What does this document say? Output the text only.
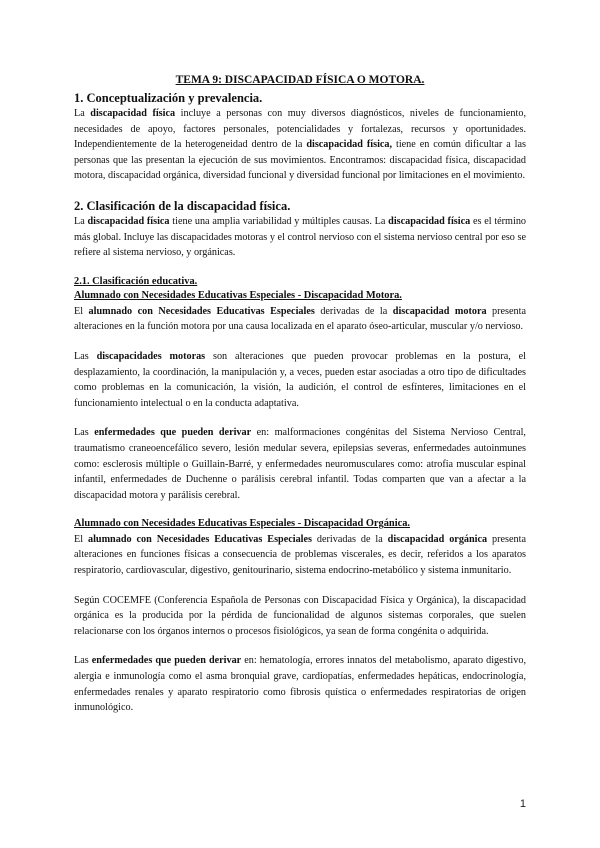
TEMA 9: DISCAPACIDAD FÍSICA O MOTORA.
1. Conceptualización y prevalencia.

La discapacidad física incluye a personas con muy diversos diagnósticos, niveles de funcionamiento, necesidades de apoyo, factores personales, potencialidades y fortalezas, recursos y oportunidades. Independientemente de la heterogeneidad dentro de la discapacidad física, tiene en común dificultar a las personas que las presentan la ejecución de sus movimientos. Encontramos: discapacidad física, discapacidad motora, discapacidad orgánica, diversidad funcional y diversidad funcional por limitaciones en el movimiento.

2. Clasificación de la discapacidad física.

La discapacidad física tiene una amplia variabilidad y múltiples causas. La discapacidad física es el término más global. Incluye las discapacidades motoras y el control nervioso con el sistema nervioso central por eso se refiere al sistema nervioso, y orgánicas.

2.1. Clasificación educativa.
Alumnado con Necesidades Educativas Especiales - Discapacidad Motora.

El alumnado con Necesidades Educativas Especiales derivadas de la discapacidad motora presenta alteraciones en la función motora por una causa localizada en el aparato óseo-articular, muscular y/o nervioso.

Las discapacidades motoras son alteraciones que pueden provocar problemas en la postura, el desplazamiento, la coordinación, la manipulación y, a veces, pueden estar asociadas a otro tipo de dificultades como problemas en la comunicación, la visión, la audición, el control de esfínteres, limitaciones en el funcionamiento intelectual o en la conducta adaptativa.

Las enfermedades que pueden derivar en: malformaciones congénitas del Sistema Nervioso Central, traumatismo craneoencefálico severo, lesión medular severa, epilepsias severas, enfermedades autoinmunes como: esclerosis múltiple o Guillain-Barré, y enfermedades neuromusculares como: atrofia muscular espinal infantil, enfermedades de Duchenne o parálisis cerebral infantil. Todas comparten que van a afectar a la discapacidad motora y parálisis cerebral.

Alumnado con Necesidades Educativas Especiales - Discapacidad Orgánica.

El alumnado con Necesidades Educativas Especiales derivadas de la discapacidad orgánica presenta alteraciones en funciones físicas a consecuencia de problemas viscerales, es decir, referidos a los aparatos respiratorio, cardiovascular, digestivo, genitourinario, sistema endocrino-metabólico y sistema inmunitario.

Según COCEMFE (Conferencia Española de Personas con Discapacidad Física y Orgánica), la discapacidad orgánica es la producida por la pérdida de funcionalidad de algunos sistemas corporales, que suelen relacionarse con los órganos internos o procesos fisiológicos, ya sean de forma congénita o adquirida.

Las enfermedades que pueden derivar en: hematología, errores innatos del metabolismo, aparato digestivo, alergia e inmunología como el asma bronquial grave, cardiopatías, enfermedades hepáticas, endocrinología, enfermedades renales y aparato respiratorio como fibrosis quística o enfermedades respiratorias de origen inmunológico.

1
